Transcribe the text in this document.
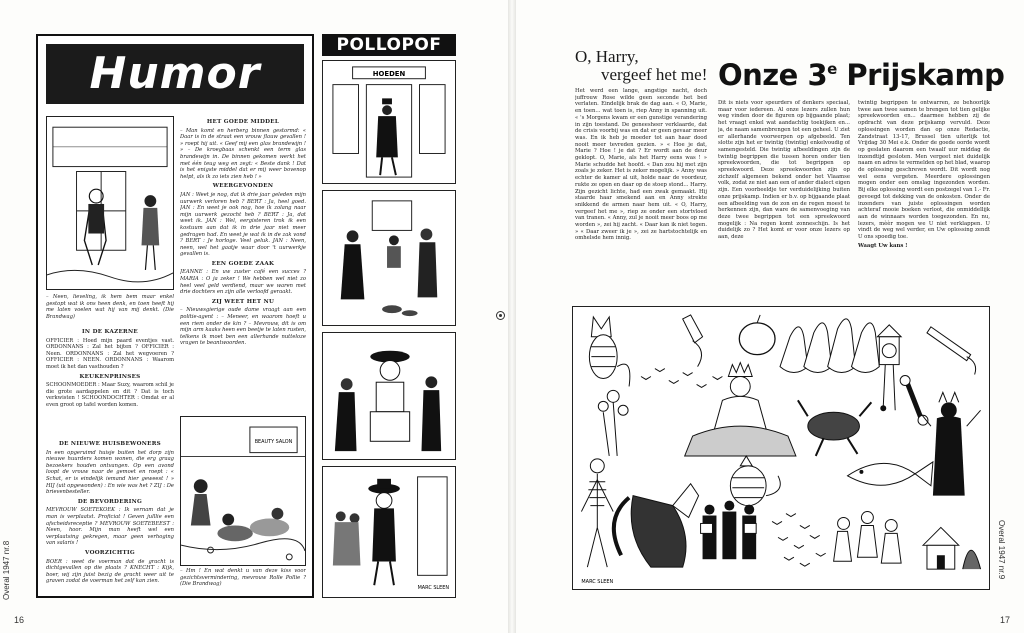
Humor

– Neen, lieveling, ik hem bem maar enkel gestopt wat ik ons heen denk, en toen heeft hij me laten voelen wat hij van mij denkt. (Die Brandwag)

IN DE KAZERNE

OFFICIER : Hoed mijn paard eventjes vast. ORDONNANS : Zal het bijten ? OFFICIER : Neen. ORDONNANS : Zal het wegvoeren ? OFFICIER : NEEN. ORDONNANS : Waarom moet ik het dan vasthouden ?

KEUKENPRINSES

SCHOONMOEDER : Maar Suzy, waarom schil je die grote aardappelen en dit ? Dat is toch verkwisten ! SCHOONDOCHTER : Omdat er al even groot op tafel worden komen.

DE NIEUWE HUISBEWONERS

In een opgeruimd huisje buiten het dorp zijn nieuwe huurders komen wonen, die erg graag bezoekers houden ontvangen. Op een avond loopt de vrouw naar de gemoet en roept : « Schat, er is eindelijk iemand hier geweest ! » HIJ (uit opgewonden) : En wie was het ? ZIJ : De brievenbesteller.

DE BEVORDERING

MEVROUW SOETEKOEK : Ik vernam dat je man is verplaatst. Proficiat ! Geven julllie een afscheidsreceptie ? MEVROUW SOETEBEEST : Neen, hoor. Mijn man heeft wel een verplaatsing gekregen, maar geen verhoging van salaris !

VOORZICHTIG

BOER : weet de voerman dat de gracht is dichtgevallen op die plaats ? KNECHT : Kijk, boer, wij zijn juist bezig de gracht weer uit te graven zodat de voerman het zelf kan zien.

HET GOEDE MIDDEL

– Man komt en herberg binnen gestormd: « Daar is in de straat een vrouw flauw gevallen ! » roept hij uit. « Geef mij een glas brandewijn ! » – De kroegbaas schenkt een term glas brandewijn in. De binnen gekomen werkt het met één teug weg en zegt: « Beste dank ! Dat is het enigste middel dat er mij weer bovenop helpt, als ik zo iets zien heb ! »

WEERGEVONDEN

JAN : Weet je nog, dat ik drie jaar geleden mijn uurwerk verloren heb ? BERT : Ja, heel goed. JAN : En weet je ook nog, hoe ik zolang naar mijn uurwerk gezocht heb ? BERT : Ja, dat weet ik. JAN : Wel, eergisteren trok ik een kostuum aan dat ik in drie jaar niet meer gedragen had. En weet je wat ik in de zak vond ? BERT : Je horloge. Veel geluk. JAN : Neen, neen, wel het gaatje waar door 't uurwerkje gevallen is.

EEN GOEDE ZAAK

JEANNE : En uw zuster café een succes ? MARIA : O ja zeker ! We hebben wel niet zo heel veel geld verdiend, maar we waren met drie dochters en zijn alle verloofd geraakt.

ZIJ WEET HET NU

– Nieuwsgierige oude dame vraagt aan een politie-agent : – Meneer, en waarom hoeft u een riem onder de kin ? – Mevrouw, dit is om mijn arm kaaks heen een beetje te laten rusten, telkens ik moet ben een allerhande nutteloze vragen te beantwoorden.

BEAUTY SALON

– Hm ! En wat denkt u van deze kiss voor gezichtsvermindering, mevrouw Rolle Pollie ? (Die Brandwag)

POLLOPOF
HOEDEN
MARC SLEEN
Overal 1947 nr.8
16
O, Harry,
vergeef het me!

Het werd een lange, angstige nacht, doch juffrouw Rose wilde geen seconde het bed verlaten. Eindelijk brak de dag aan. « O, Marie, en toen... wat toen is, riep Anny in spanning uit. « 's Morgens kwam er een gunstige verandering in zijn toestand. De geneesheer verklaarde, dat de crisis voorbij was en dat er geen gevaar meer was. En ik heb je moeder tot aan haar dood nooit meer tevreden gezien. » « Hoe je dat, Marie ? Hoe ! je dat ? Er wordt aan de deur geklopt. O, Marie, als het Harry eens was ! » Marie schudde het hoofd. « Dan zou hij met zijn zoals je zeker. Het is zeker mogelijk. » Anny was echter de kamer al uit, holde naar de voordeur, rukte ze open en daar op de stoep stond... Harry. Zijn gezicht lichte, had een zwak gemaakt. Hij staarde haar smekend aan en Anny strekte snikkend de armen naar hem uit. « O, Harry, vergeef het me », riep ze onder een stortvloed van tranen. « Anny, zul je nooit meer boos op me worden », zei hij zacht. « Daar kan ik niet tegen. » « Daar zweer ik je », zei ze hartstochtelijk en omhelsde hem innig.

Onze 3e Prijskamp

Dit is niets voor speurders of denkers speciaal, maar voor iedereen. Al onze lezers zullen hun weg vinden door de figuren op bijgaande plaat; het vraagt enkel wat aandachtig toekijken en... ja, de naam samenbrengen tot een geheel. U ziet er allerhande voorwerpen op afgebeeld. Ten slotte zijn het er twintig (twintig) enkelvoudig of samengesteld. Die twintig afbeeldingen zijn de twintig begrippen die tussen horen onder tien spreekwoorden, die tot begrippen op spreekwoord. Deze spreekwoorden zijn op zichzelf algemeen bekend onder het Vlaamse volk, zodat ze niet aan een of ander dialect eigen zijn. Een voorbeeldje ter verduidelijking buiten onze prijskamp. Indien er b.v. op bijgaande plaat een afbeelding van de zon en de regen moest te herkennen zijn, dan ware de samenvoeging van deze twee begrippen tot een spreekwoord mogelijk : Na regen komt zonneschijn. Is het duidelijk zo ? Het komt er voor onze lezers op aan, deze

twintig begrippen te ontwarren, ze behoorlijk twee aan twee samen te brengen tot tien gelijke spreekwoorden en... daarmee hebben zij de opdracht van deze prijskamp vervuld. Deze oplossingen worden dan op onze Redactie, Zandstraat 13-17, Brussel tien uiterlijk tot Vrijdag 30 Mei e.k. Onder de goede oorde wordt op geslaten daarom een twaalf uur middag de inzendtijd gesloten. Men vergeet niet duidelijk naam en adres te vermelden op het blad, waarop de oplossing geschreven wordt. Dit wordt nog wel eens vergeten. Meerdere oplossingen mogen onder een omslag ingezonden worden. Bij elke oplossing wordt een postzegel van 1.- Fr. gevoegd tot dekking van de onkosten. Onder de inzenders van juiste oplossingen worden achteraf mooie boeken verloot, die onmiddellijk aan de winnaars worden toegezonden. En nu, lezers, mèèr mogen we U niet verklappen. U vindt de weg wel verder, en Uw oplossing zendt U ons spoedig toe.

Waagt Uw kans !

MARC SLEEN
Overal 1947 nr.9
17
